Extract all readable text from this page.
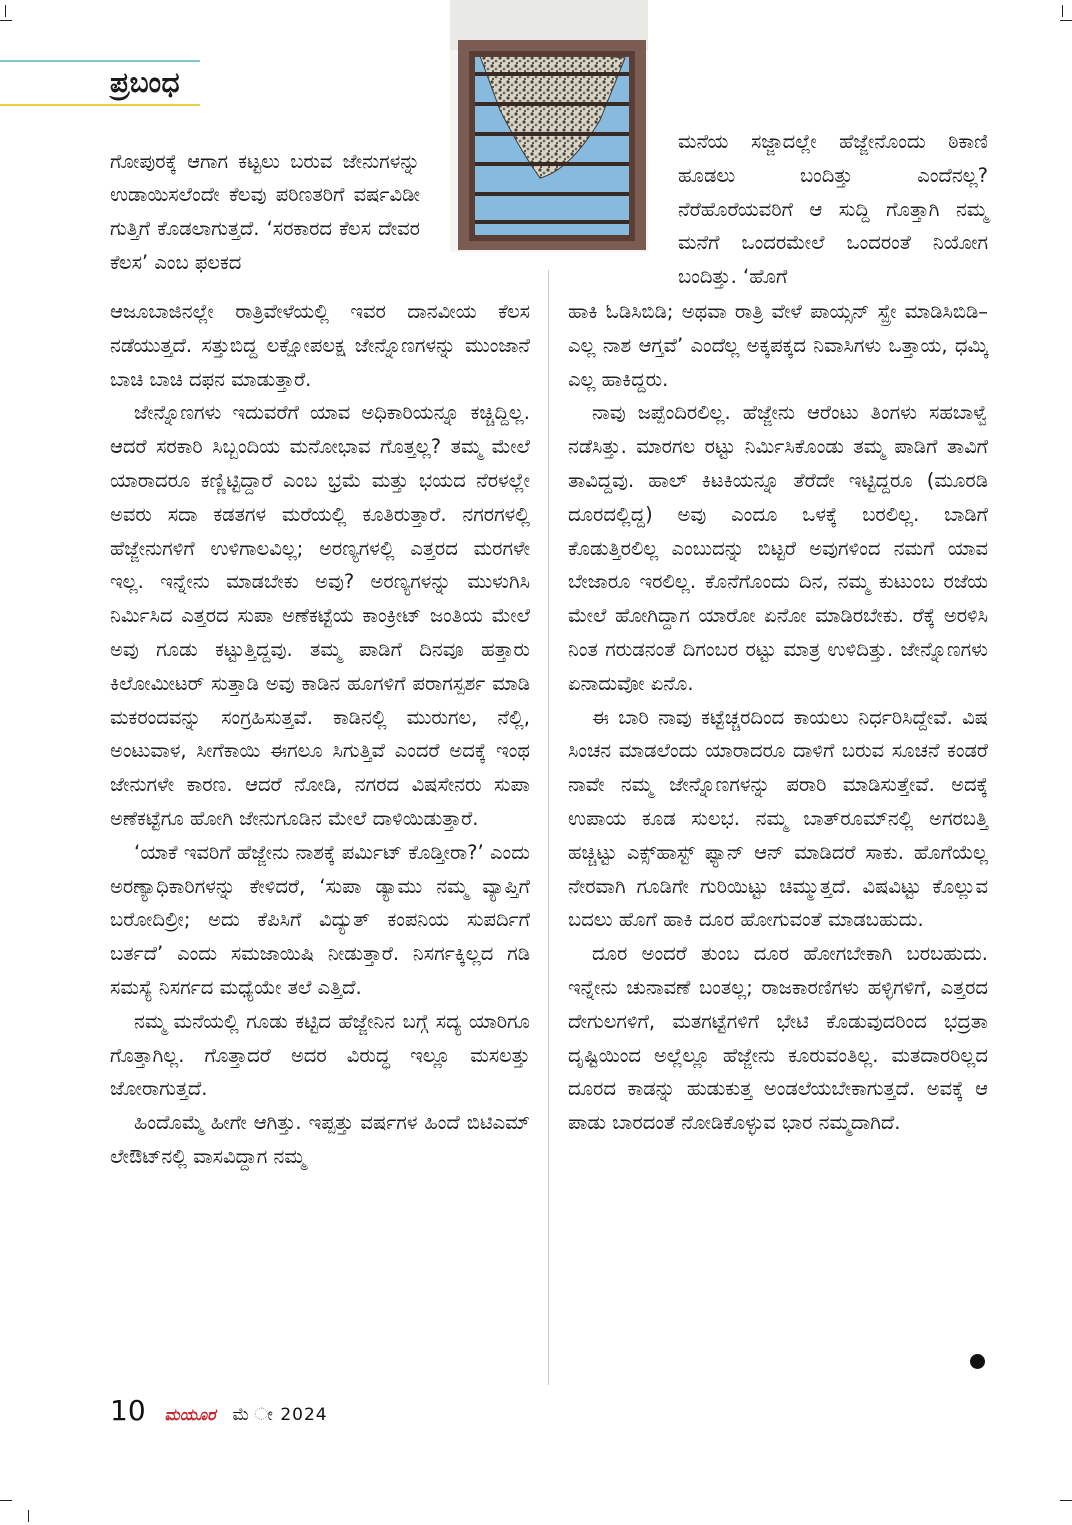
ಪ್ರಬಂಧ

ಗೋಪುರಕ್ಕೆ ಆಗಾಗ ಕಟ್ಟಲು ಬರುವ ಜೇನುಗಳನ್ನು ಉಡಾಯಿಸಲೆಂದೇ ಕೆಲವು ಪರಿಣತರಿಗೆ ವರ್ಷವಿಡೀ ಗುತ್ತಿಗೆ ಕೊಡಲಾಗುತ್ತದೆ. ‘ಸರಕಾರದ ಕೆಲಸ ದೇವರ ಕೆಲಸ’ ಎಂಬ ಫಲಕದ

ಆಜೂಬಾಜಿನಲ್ಲೇ ರಾತ್ರಿವೇಳೆಯಲ್ಲಿ ಇವರ ದಾನವೀಯ ಕೆಲಸ ನಡೆಯುತ್ತದೆ. ಸತ್ತುಬಿದ್ದ ಲಕ್ಷೋಪಲಕ್ಷ ಜೇನ್ನೊಣಗಳನ್ನು ಮುಂಜಾನೆ ಬಾಚಿ ಬಾಚಿ ದಫನ ಮಾಡುತ್ತಾರೆ.

ಜೇನ್ನೊಣಗಳು ಇದುವರೆಗೆ ಯಾವ ಅಧಿಕಾರಿಯನ್ನೂ ಕಚ್ಚಿದ್ದಿಲ್ಲ. ಆದರೆ ಸರಕಾರಿ ಸಿಬ್ಬಂದಿಯ ಮನೋಭಾವ ಗೊತ್ತಲ್ಲ? ತಮ್ಮ ಮೇಲೆ ಯಾರಾದರೂ ಕಣ್ಣಿಟ್ಟಿದ್ದಾರೆ ಎಂಬ ಭ್ರಮೆ ಮತ್ತು ಭಯದ ನೆರಳಲ್ಲೇ ಅವರು ಸದಾ ಕಡತಗಳ ಮರೆಯಲ್ಲಿ ಕೂತಿರುತ್ತಾರೆ. ನಗರಗಳಲ್ಲಿ ಹೆಜ್ಜೇನುಗಳಿಗೆ ಉಳಿಗಾಲವಿಲ್ಲ; ಅರಣ್ಯಗಳಲ್ಲಿ ಎತ್ತರದ ಮರಗಳೇ ಇಲ್ಲ. ಇನ್ನೇನು ಮಾಡಬೇಕು ಅವು? ಅರಣ್ಯಗಳನ್ನು ಮುಳುಗಿಸಿ ನಿರ್ಮಿಸಿದ ಎತ್ತರದ ಸುಪಾ ಅಣೆಕಟ್ಟೆಯ ಕಾಂಕ್ರೀಟ್ ಜಂತಿಯ ಮೇಲೆ ಅವು ಗೂಡು ಕಟ್ಟುತ್ತಿದ್ದವು. ತಮ್ಮ ಪಾಡಿಗೆ ದಿನವೂ ಹತ್ತಾರು ಕಿಲೋಮೀಟರ್ ಸುತ್ತಾಡಿ ಅವು ಕಾಡಿನ ಹೂಗಳಿಗೆ ಪರಾಗಸ್ಪರ್ಶ ಮಾಡಿ ಮಕರಂದವನ್ನು ಸಂಗ್ರಹಿಸುತ್ತವೆ. ಕಾಡಿನಲ್ಲಿ ಮುರುಗಲ, ನೆಲ್ಲಿ, ಅಂಟುವಾಳ, ಸೀಗೆಕಾಯಿ ಈಗಲೂ ಸಿಗುತ್ತಿವೆ ಎಂದರೆ ಅದಕ್ಕೆ ಇಂಥ ಜೇನುಗಳೇ ಕಾರಣ. ಆದರೆ ನೋಡಿ, ನಗರದ ವಿಷಸೇನರು ಸುಪಾ ಅಣೆಕಟ್ಟೆಗೂ ಹೋಗಿ ಜೇನುಗೂಡಿನ ಮೇಲೆ ದಾಳಿಯಿಡುತ್ತಾರೆ.

‘ಯಾಕೆ ಇವರಿಗೆ ಹೆಜ್ಜೇನು ನಾಶಕ್ಕೆ ಪರ್ಮಿಟ್ ಕೊಡ್ತೀರಾ?’ ಎಂದು ಅರಣ್ಯಾಧಿಕಾರಿಗಳನ್ನು ಕೇಳಿದರೆ, ‘ಸುಪಾ ಡ್ಯಾಮು ನಮ್ಮ ವ್ಯಾಪ್ತಿಗೆ ಬರೋದಿಲ್ರೀ; ಅದು ಕೆಪಿಸಿಗೆ ವಿದ್ಯುತ್ ಕಂಪನಿಯ ಸುಪರ್ದಿಗೆ ಬರ್ತದೆ’ ಎಂದು ಸಮಜಾಯಿಷಿ ನೀಡುತ್ತಾರೆ. ನಿಸರ್ಗಕ್ಕಿಲ್ಲದ ಗಡಿ ಸಮಸ್ಯೆ ನಿಸರ್ಗದ ಮಧ್ಯೆಯೇ ತಲೆ ಎತ್ತಿದೆ.

ನಮ್ಮ ಮನೆಯಲ್ಲಿ ಗೂಡು ಕಟ್ಟಿದ ಹೆಜ್ಜೇನಿನ ಬಗ್ಗೆ ಸದ್ಯ ಯಾರಿಗೂ ಗೊತ್ತಾಗಿಲ್ಲ. ಗೊತ್ತಾದರೆ ಅದರ ವಿರುದ್ಧ ಇಲ್ಲೂ ಮಸಲತ್ತು ಜೋರಾಗುತ್ತದೆ.

ಹಿಂದೊಮ್ಮೆ ಹೀಗೇ ಆಗಿತ್ತು. ಇಪ್ಪತ್ತು ವರ್ಷಗಳ ಹಿಂದೆ ಬಿಟಿಎಮ್ ಲೇಔಟ್‌ನಲ್ಲಿ ವಾಸವಿದ್ದಾಗ ನಮ್ಮ

ಮನೆಯ ಸಜ್ಜಾದಲ್ಲೇ ಹೆಜ್ಜೇನೊಂದು ಠಿಕಾಣಿ ಹೂಡಲು ಬಂದಿತ್ತು ಎಂದೆನಲ್ಲ? ನೆರೆಹೊರೆಯವರಿಗೆ ಆ ಸುದ್ದಿ ಗೊತ್ತಾಗಿ ನಮ್ಮ ಮನೆಗೆ ಒಂದರಮೇಲೆ ಒಂದರಂತೆ ನಿಯೋಗ ಬಂದಿತ್ತು. ‘ಹೊಗೆ

ಹಾಕಿ ಓಡಿಸಿಬಿಡಿ; ಅಥವಾ ರಾತ್ರಿ ವೇಳೆ ಪಾಯ್ಸನ್ ಸ್ಪ್ರೇ ಮಾಡಿಸಿಬಿಡಿ– ಎಲ್ಲ ನಾಶ ಆಗ್ತವೆ’ ಎಂದೆಲ್ಲ ಅಕ್ಕಪಕ್ಕದ ನಿವಾಸಿಗಳು ಒತ್ತಾಯ, ಧಮ್ಕಿ ಎಲ್ಲ ಹಾಕಿದ್ದರು.

ನಾವು ಜಪ್ಪೆಂದಿರಲಿಲ್ಲ. ಹೆಜ್ಜೇನು ಆರೆಂಟು ತಿಂಗಳು ಸಹಬಾಳ್ವೆ ನಡೆಸಿತ್ತು. ಮಾರಗಲ ರಟ್ಟು ನಿರ್ಮಿಸಿಕೊಂಡು ತಮ್ಮ ಪಾಡಿಗೆ ತಾವಿಗೆ ತಾವಿದ್ದವು. ಹಾಲ್ ಕಿಟಕಿಯನ್ನೂ ತೆರೆದೇ ಇಟ್ಟಿದ್ದರೂ (ಮೂರಡಿ ದೂರದಲ್ಲಿದ್ದ) ಅವು ಎಂದೂ ಒಳಕ್ಕೆ ಬರಲಿಲ್ಲ. ಬಾಡಿಗೆ ಕೊಡುತ್ತಿರಲಿಲ್ಲ ಎಂಬುದನ್ನು ಬಿಟ್ಟರೆ ಅವುಗಳಿಂದ ನಮಗೆ ಯಾವ ಬೇಜಾರೂ ಇರಲಿಲ್ಲ. ಕೊನೆಗೊಂದು ದಿನ, ನಮ್ಮ ಕುಟುಂಬ ರಜೆಯ ಮೇಲೆ ಹೋಗಿದ್ದಾಗ ಯಾರೋ ಏನೋ ಮಾಡಿರಬೇಕು. ರೆಕ್ಕೆ ಅರಳಿಸಿ ನಿಂತ ಗರುಡನಂತೆ ದಿಗಂಬರ ರಟ್ಟು ಮಾತ್ರ ಉಳಿದಿತ್ತು. ಜೇನ್ನೊಣಗಳು ಏನಾದುವೋ ಏನೊ.

ಈ ಬಾರಿ ನಾವು ಕಟ್ಟೆಚ್ಚರದಿಂದ ಕಾಯಲು ನಿರ್ಧರಿಸಿದ್ದೇವೆ. ವಿಷ ಸಿಂಚನ ಮಾಡಲೆಂದು ಯಾರಾದರೂ ದಾಳಿಗೆ ಬರುವ ಸೂಚನೆ ಕಂಡರೆ ನಾವೇ ನಮ್ಮ ಜೇನ್ನೊಣಗಳನ್ನು ಪರಾರಿ ಮಾಡಿಸುತ್ತೇವೆ. ಅದಕ್ಕೆ ಉಪಾಯ ಕೂಡ ಸುಲಭ. ನಮ್ಮ ಬಾತ್‌ರೂಮ್‌ನಲ್ಲಿ ಅಗರಬತ್ತಿ ಹಚ್ಚಿಟ್ಟು ಎಕ್ಸ್‌ಹಾಸ್ಟ್ ಫ್ಯಾನ್ ಆನ್ ಮಾಡಿದರೆ ಸಾಕು. ಹೊಗೆಯೆಲ್ಲ ನೇರವಾಗಿ ಗೂಡಿಗೇ ಗುರಿಯಿಟ್ಟು ಚಿಮ್ಮುತ್ತದೆ. ವಿಷವಿಟ್ಟು ಕೊಲ್ಲುವ ಬದಲು ಹೊಗೆ ಹಾಕಿ ದೂರ ಹೋಗುವಂತೆ ಮಾಡಬಹುದು.

ದೂರ ಅಂದರೆ ತುಂಬ ದೂರ ಹೋಗಬೇಕಾಗಿ ಬರಬಹುದು. ಇನ್ನೇನು ಚುನಾವಣೆ ಬಂತಲ್ಲ; ರಾಜಕಾರಣಿಗಳು ಹಳ್ಳಿಗಳಿಗೆ, ಎತ್ತರದ ದೇಗುಲಗಳಿಗೆ, ಮತಗಟ್ಟೆಗಳಿಗೆ ಭೇಟಿ ಕೊಡುವುದರಿಂದ ಭದ್ರತಾ ದೃಷ್ಟಿಯಿಂದ ಅಲ್ಲೆಲ್ಲೂ ಹೆಜ್ಜೇನು ಕೂರುವಂತಿಲ್ಲ. ಮತದಾರರಿಲ್ಲದ ದೂರದ ಕಾಡನ್ನು ಹುಡುಕುತ್ತ ಅಂಡಲೆಯಬೇಕಾಗುತ್ತದೆ. ಅವಕ್ಕೆ ಆ ಪಾಡು ಬಾರದಂತೆ ನೋಡಿಕೊಳ್ಳುವ ಭಾರ ನಮ್ಮದಾಗಿದೆ.

10 ಮಯೂರ ಮೆ ೕ 2024
